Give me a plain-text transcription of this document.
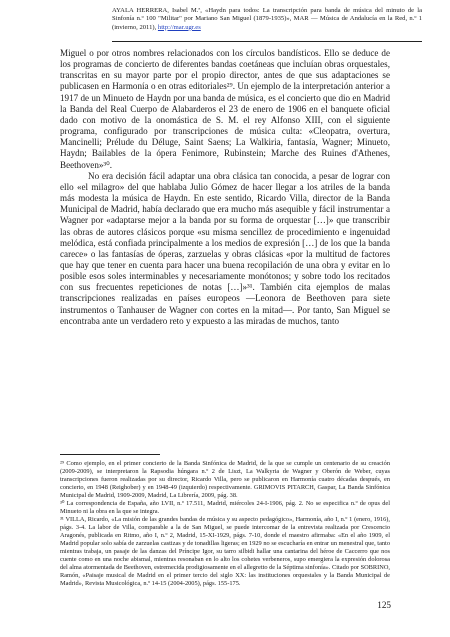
AYALA HERRERA, Isabel M.ª, «Haydn para todos: La transcripción para banda de música del minuto de la Sinfonía n.º 100 "Militar" por Mariano San Miguel (1879-1935)», MAR — Música de Andalucía en la Red, n.º 1 (invierno, 2011), http://mar.ugr.es

Miguel o por otros nombres relacionados con los círculos bandísticos. Ello se deduce de los programas de concierto de diferentes bandas coetáneas que incluían obras orquestales, transcritas en su mayor parte por el propio director, antes de que sus adaptaciones se publicasen en Harmonía o en otras editoriales²⁹. Un ejemplo de la interpretación anterior a 1917 de un Minueto de Haydn por una banda de música, es el concierto que dio en Madrid la Banda del Real Cuerpo de Alabarderos el 23 de enero de 1906 en el banquete oficial dado con motivo de la onomástica de S. M. el rey Alfonso XIII, con el siguiente programa, configurado por transcripciones de música culta: «Cleopatra, overtura, Mancinelli; Prélude du Déluge, Saint Saens; La Walkiria, fantasía, Wagner; Minueto, Haydn; Bailables de la ópera Fenimore, Rubinstein; Marche des Ruines d'Athenes, Beethoven»³⁰.

No era decisión fácil adaptar una obra clásica tan conocida, a pesar de lograr con ello «el milagro» del que hablaba Julio Gómez de hacer llegar a los atriles de la banda más modesta la música de Haydn. En este sentido, Ricardo Villa, director de la Banda Municipal de Madrid, había declarado que era mucho más asequible y fácil instrumentar a Wagner por «adaptarse mejor a la banda por su forma de orquestar […]» que transcribir las obras de autores clásicos porque «su misma sencillez de procedimiento e ingenuidad melódica, está confiada principalmente a los medios de expresión […] de los que la banda carece» o las fantasías de óperas, zarzuelas y obras clásicas «por la multitud de factores que hay que tener en cuenta para hacer una buena recopilación de una obra y evitar en lo posible esos soles interminables y necesariamente monótonos; y sobre todo los recitados con sus frecuentes repeticiones de notas […]»³¹. También cita ejemplos de malas transcripciones realizadas en países europeos —Leonora de Beethoven para siete instrumentos o Tanhauser de Wagner con cortes en la mitad—. Por tanto, San Miguel se encontraba ante un verdadero reto y expuesto a las miradas de muchos, tanto

²⁹ Como ejemplo, en el primer concierto de la Banda Sinfónica de Madrid, de la que se cumple un centenario de su creación (2009-2009), se interpretaron la Rapsodia húngara n.º 2 de Liszt, La Walkyria de Wagner y Oberón de Weber, cuyas transcripciones fueron realizadas por su director, Ricardo Villa, pero se publicaron en Harmonía cuatro décadas después, en concierto, en 1948 (Reighober) y en 1948-49 (izquierdo) respectivamente. GRIMOVIS PITARCH, Gaspar, La Banda Sinfónica Municipal de Madrid, 1909-2009, Madrid, La Librería, 2009, pág. 38.

³⁰ La correspondencia de España, año LVII, n.º 17.511, Madrid, miércoles 24-I-1906, pág. 2. No se especifica n.º de opus del Minueto ni la obra en la que se integra.

³¹ VILLA, Ricardo, «La misión de las grandes bandas de música y su aspecto pedagógico», Harmonía, año I, n.º 1 (enero, 1916), págs. 3-4. La labor de Villa, comparable a la de San Miguel, se puede intercomar de la entrevista realizada por Crescencio Aragonés, publicada en Ritmo, año I, n.º 2, Madrid, 15-XI-1929, págs. 7-10, donde el maestro afirmaba: «En el año 1909, el Madrid popular solo sabía de zarzuelas castizas y de tonadillas ligeras; en 1929 no se escucharía en entrar un menestral que, tanto mientras trabaja, un pasaje de las danzas del Príncipe Igor, su tarro silbidi hallar una cantarina del héroe de Caccerro que nos cuente como en una noche abismal, mientras resonaban en lo alto los cohetes verbeneros, supo emergiera la expresión dolorosa del alma atormentada de Beethoven, estremecida prodigiosamente en el allegretto de la Séptima sinfonía». Citado por SOBRINO, Ramón, «Paisaje musical de Madrid en el primer tercio del siglo XX: las instituciones orquestales y la Banda Municipal de Madrid», Revista Musicológica, n.º 14-15 (2004-2005), págs. 155-175.

125
